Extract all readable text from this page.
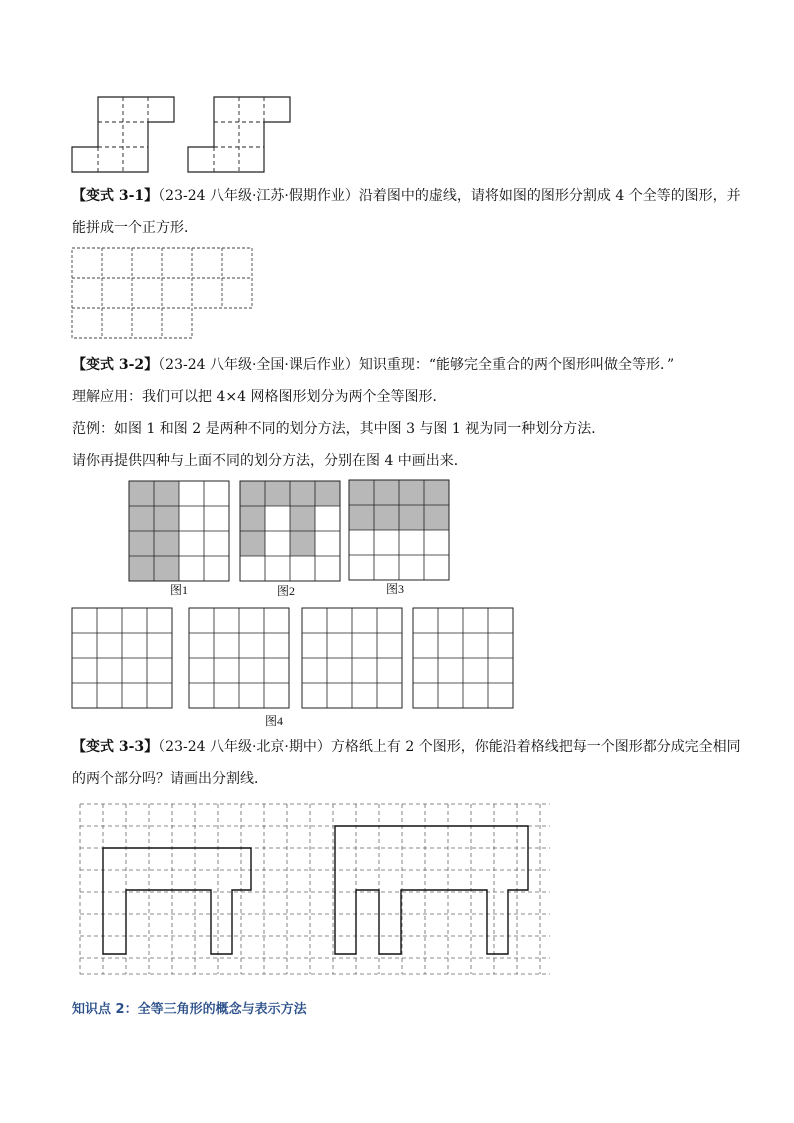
【变式 3-1】（23-24 八年级·江苏·假期作业）沿着图中的虚线，请将如图的图形分割成 4 个全等的图形，并
能拼成一个正方形．
【变式 3-2】（23-24 八年级·全国·课后作业）知识重现：“能够完全重合的两个图形叫做全等形．”
理解应用：我们可以把 4×4 网格图形划分为两个全等图形．
范例：如图 1 和图 2 是两种不同的划分方法，其中图 3 与图 1 视为同一种划分方法．
请你再提供四种与上面不同的划分方法，分别在图 4 中画出来．
图1	图2	图3
图4
【变式 3-3】（23-24 八年级·北京·期中）方格纸上有 2 个图形，你能沿着格线把每一个图形都分成完全相同
的两个部分吗？请画出分割线．
知识点 2：全等三角形的概念与表示方法
